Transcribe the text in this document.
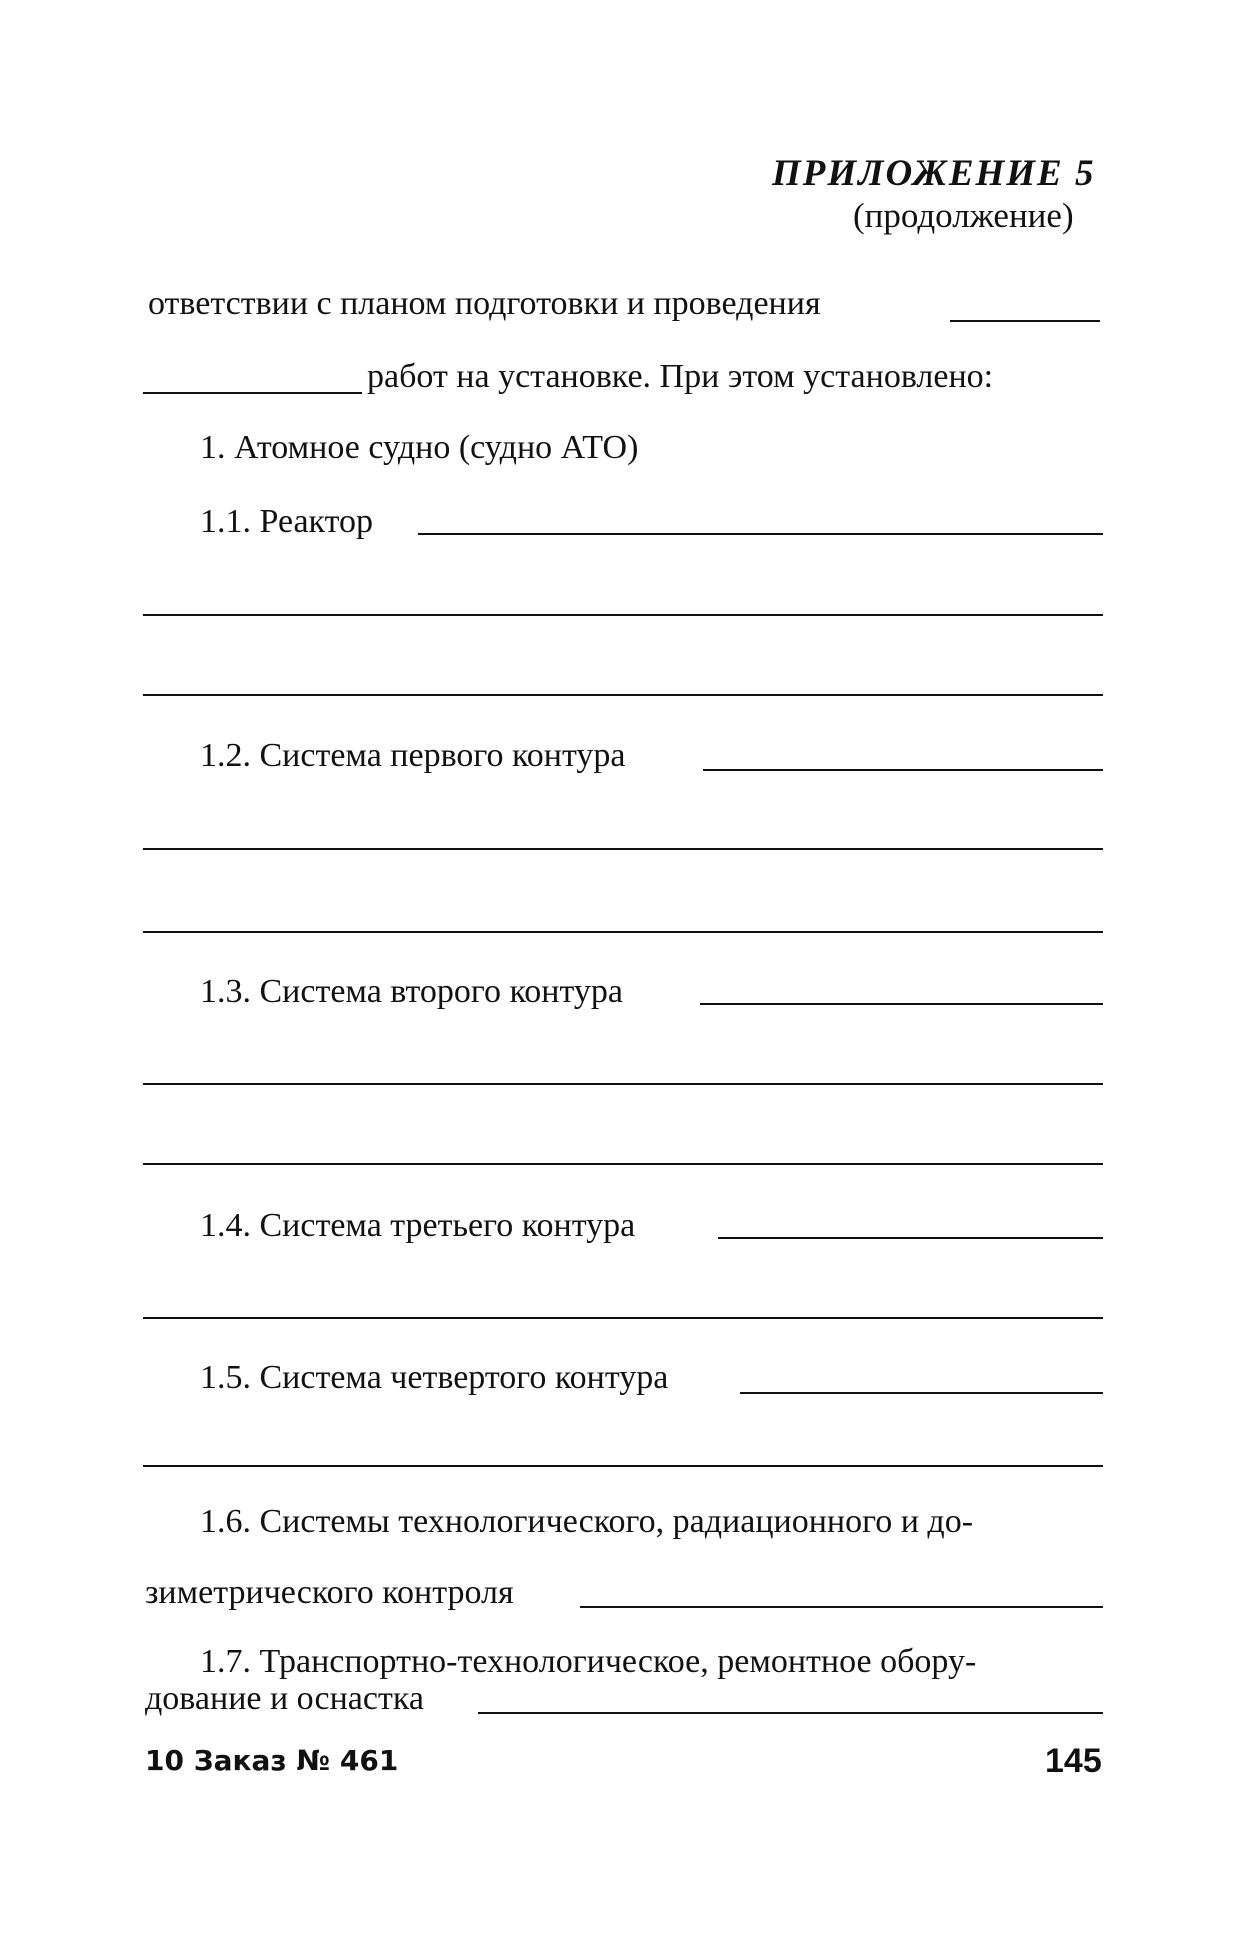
ПРИЛОЖЕНИЕ 5
(продолжение)
ответствии с планом подготовки и проведения
работ на установке. При этом установлено:
1. Атомное судно (судно АТО)
1.1. Реактор
1.2. Система первого контура
1.3. Система второго контура
1.4. Система третьего контура
1.5. Система четвертого контура
1.6. Системы технологического, радиационного и до-
зиметрического контроля
1.7. Транспортно-технологическое, ремонтное обору-
дование и оснастка
10 Заказ № 461	145
